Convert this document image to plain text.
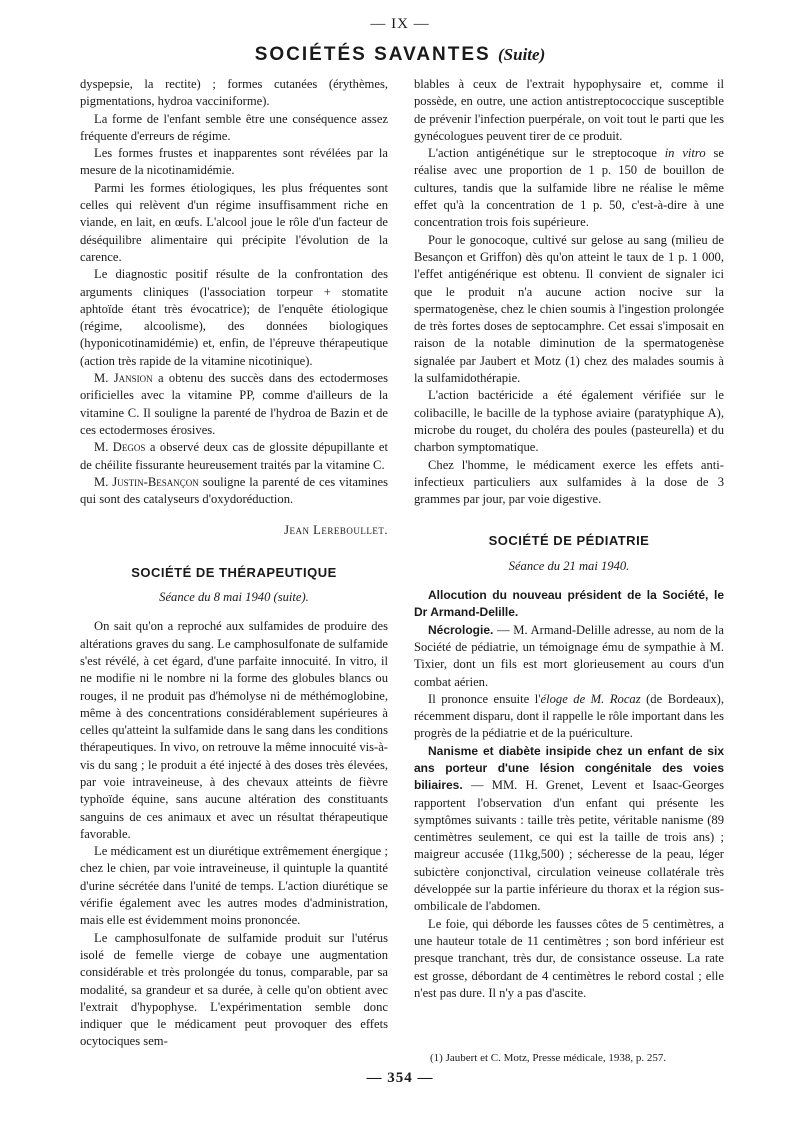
— IX —
SOCIÉTÉS SAVANTES (Suite)

dyspepsie, la rectite) ; formes cutanées (érythèmes, pigmentations, hydroa vacciniforme).

La forme de l'enfant semble être une conséquence assez fréquente d'erreurs de régime.

Les formes frustes et inapparentes sont révélées par la mesure de la nicotinamidémie.

Parmi les formes étiologiques, les plus fréquentes sont celles qui relèvent d'un régime insuffisamment riche en viande, en lait, en œufs. L'alcool joue le rôle d'un facteur de déséquilibre alimentaire qui précipite l'évolution de la carence.

Le diagnostic positif résulte de la confrontation des arguments cliniques (l'association torpeur + stomatite aphtoïde étant très évocatrice); de l'enquête étiologique (régime, alcoolisme), des données biologiques (hyponicotinamidémie) et, enfin, de l'épreuve thérapeutique (action très rapide de la vitamine nicotinique).

M. Jansion a obtenu des succès dans des ectodermoses orificielles avec la vitamine PP, comme d'ailleurs de la vitamine C. Il souligne la parenté de l'hydroa de Bazin et de ces ectodermoses érosives.

M. Degos a observé deux cas de glossite dépupillante et de chéilite fissurante heureusement traités par la vitamine C.

M. Justin-Besançon souligne la parenté de ces vitamines qui sont des catalyseurs d'oxydoréduction.

Jean Lereboullet.

SOCIÉTÉ DE THÉRAPEUTIQUE
Séance du 8 mai 1940 (suite).

On sait qu'on a reproché aux sulfamides de produire des altérations graves du sang. Le camphosulfonate de sulfamide s'est révélé, à cet égard, d'une parfaite innocuité. In vitro, il ne modifie ni le nombre ni la forme des globules blancs ou rouges, il ne produit pas d'hémolyse ni de méthémoglobine, même à des concentrations considérablement supérieures à celles qu'atteint la sulfamide dans le sang dans les conditions thérapeutiques. In vivo, on retrouve la même innocuité vis-à-vis du sang ; le produit a été injecté à des doses très élevées, par voie intraveineuse, à des chevaux atteints de fièvre typhoïde équine, sans aucune altération des constituants sanguins de ces animaux et avec un résultat thérapeutique favorable.

Le médicament est un diurétique extrêmement énergique ; chez le chien, par voie intraveineuse, il quintuple la quantité d'urine sécrétée dans l'unité de temps. L'action diurétique se vérifie également avec les autres modes d'administration, mais elle est évidemment moins prononcée.

Le camphosulfonate de sulfamide produit sur l'utérus isolé de femelle vierge de cobaye une augmentation considérable et très prolongée du tonus, comparable, par sa modalité, sa grandeur et sa durée, à celle qu'on obtient avec l'extrait d'hypophyse. L'expérimentation semble donc indiquer que le médicament peut provoquer des effets ocytociques sem-

blables à ceux de l'extrait hypophysaire et, comme il possède, en outre, une action antistreptococcique susceptible de prévenir l'infection puerpérale, on voit tout le parti que les gynécologues peuvent tirer de ce produit.

L'action antigénétique sur le streptocoque in vitro se réalise avec une proportion de 1 p. 150 de bouillon de cultures, tandis que la sulfamide libre ne réalise le même effet qu'à la concentration de 1 p. 50, c'est-à-dire à une concentration trois fois supérieure.

Pour le gonocoque, cultivé sur gelose au sang (milieu de Besançon et Griffon) dès qu'on atteint le taux de 1 p. 1 000, l'effet antigénérique est obtenu. Il convient de signaler ici que le produit n'a aucune action nocive sur la spermatogenèse, chez le chien soumis à l'ingestion prolongée de très fortes doses de septocamphre. Cet essai s'imposait en raison de la notable diminution de la spermatogenèse signalée par Jaubert et Motz (1) chez des malades soumis à la sulfamidothérapie.

L'action bactéricide a été également vérifiée sur le colibacille, le bacille de la typhose aviaire (paratyphique A), microbe du rouget, du choléra des poules (pasteurella) et du charbon symptomatique.

Chez l'homme, le médicament exerce les effets anti-infectieux particuliers aux sulfamides à la dose de 3 grammes par jour, par voie digestive.

SOCIÉTÉ DE PÉDIATRIE
Séance du 21 mai 1940.

Allocution du nouveau président de la Société, le Dr Armand-Delille.

Nécrologie. — M. Armand-Delille adresse, au nom de la Société de pédiatrie, un témoignage ému de sympathie à M. Tixier, dont un fils est mort glorieusement au cours d'un combat aérien.

Il prononce ensuite l'éloge de M. Rocaz (de Bordeaux), récemment disparu, dont il rappelle le rôle important dans les progrès de la pédiatrie et de la puériculture.

Nanisme et diabète insipide chez un enfant de six ans porteur d'une lésion congénitale des voies biliaires. — MM. H. Grenet, Levent et Isaac-Georges rapportent l'observation d'un enfant qui présente les symptômes suivants : taille très petite, véritable nanisme (89 centimètres seulement, ce qui est la taille de trois ans) ; maigreur accusée (11kg,500) ; sécheresse de la peau, léger subictère conjonctival, circulation veineuse collatérale très développée sur la partie inférieure du thorax et la région sus-ombilicale de l'abdomen.

Le foie, qui déborde les fausses côtes de 5 centimètres, a une hauteur totale de 11 centimètres ; son bord inférieur est presque tranchant, très dur, de consistance osseuse. La rate est grosse, débordant de 4 centimètres le rebord costal ; elle n'est pas dure. Il n'y a pas d'ascite.

(1) Jaubert et C. Motz, Presse médicale, 1938, p. 257.
— 354 —
